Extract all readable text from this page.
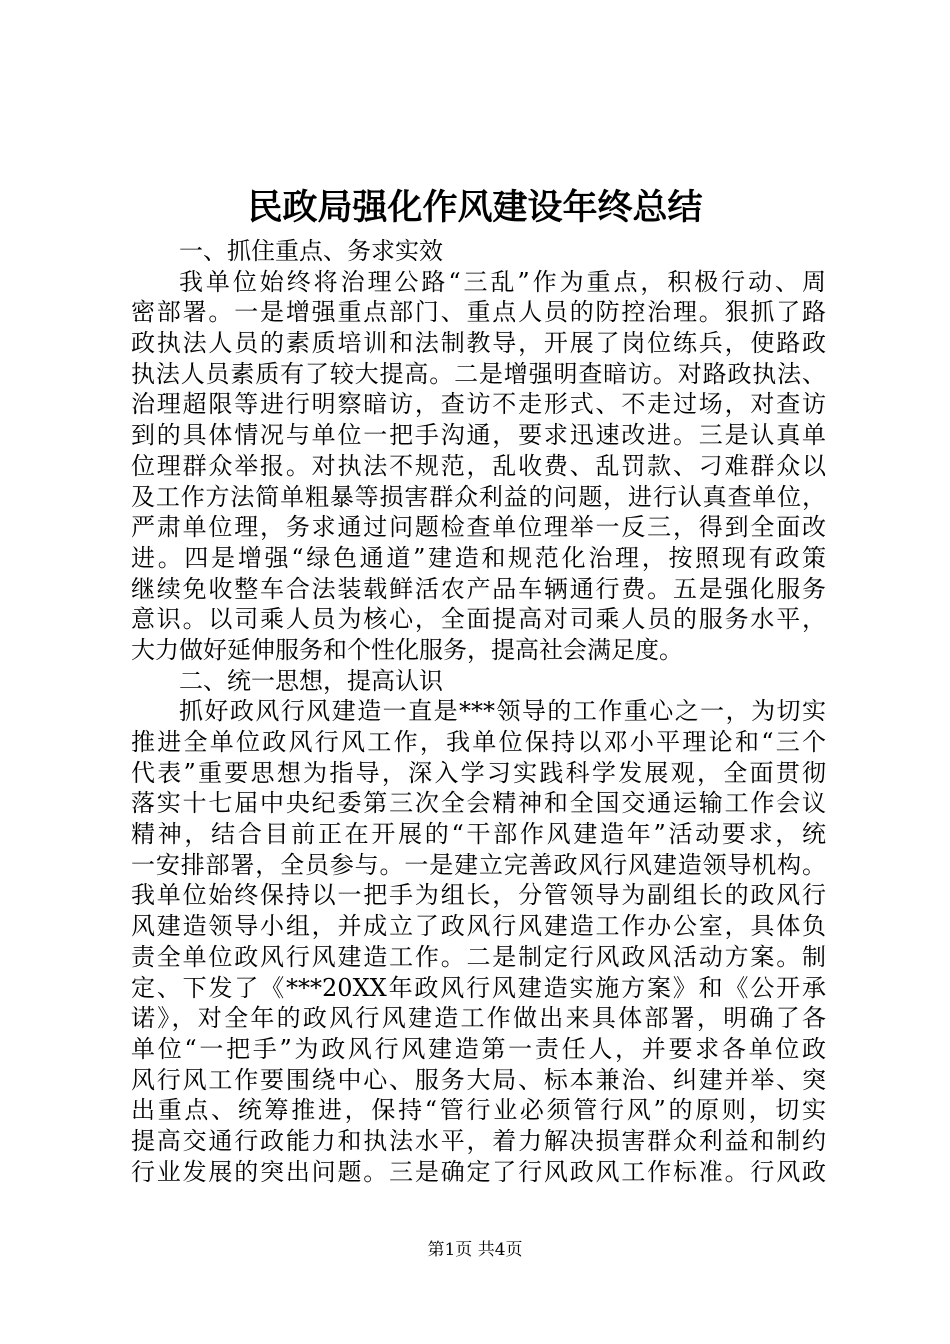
民政局强化作风建设年终总结
一、抓住重点、务求实效
我单位始终将治理公路“三乱”作为重点，积极行动、周
密部署。一是增强重点部门、重点人员的防控治理。狠抓了路
政执法人员的素质培训和法制教导，开展了岗位练兵，使路政
执法人员素质有了较大提高。二是增强明查暗访。对路政执法、
治理超限等进行明察暗访，查访不走形式、不走过场，对查访
到的具体情况与单位一把手沟通，要求迅速改进。三是认真单
位理群众举报。对执法不规范，乱收费、乱罚款、刁难群众以
及工作方法简单粗暴等损害群众利益的问题，进行认真查单位，
严肃单位理，务求通过问题检查单位理举一反三，得到全面改
进。四是增强“绿色通道”建造和规范化治理，按照现有政策
继续免收整车合法装载鲜活农产品车辆通行费。五是强化服务
意识。以司乘人员为核心，全面提高对司乘人员的服务水平，
大力做好延伸服务和个性化服务，提高社会满足度。
二、统一思想，提高认识
抓好政风行风建造一直是***领导的工作重心之一，为切实
推进全单位政风行风工作，我单位保持以邓小平理论和“三个
代表”重要思想为指导，深入学习实践科学发展观，全面贯彻
落实十七届中央纪委第三次全会精神和全国交通运输工作会议
精神，结合目前正在开展的“干部作风建造年”活动要求，统
一安排部署，全员参与。一是建立完善政风行风建造领导机构。
我单位始终保持以一把手为组长，分管领导为副组长的政风行
风建造领导小组，并成立了政风行风建造工作办公室，具体负
责全单位政风行风建造工作。二是制定行风政风活动方案。制
定、下发了《***20XX年政风行风建造实施方案》和《公开承
诺》，对全年的政风行风建造工作做出来具体部署，明确了各
单位“一把手”为政风行风建造第一责任人，并要求各单位政
风行风工作要围绕中心、服务大局、标本兼治、纠建并举、突
出重点、统筹推进，保持“管行业必须管行风”的原则，切实
提高交通行政能力和执法水平，着力解决损害群众利益和制约
行业发展的突出问题。三是确定了行风政风工作标准。行风政
第1页 共4页
